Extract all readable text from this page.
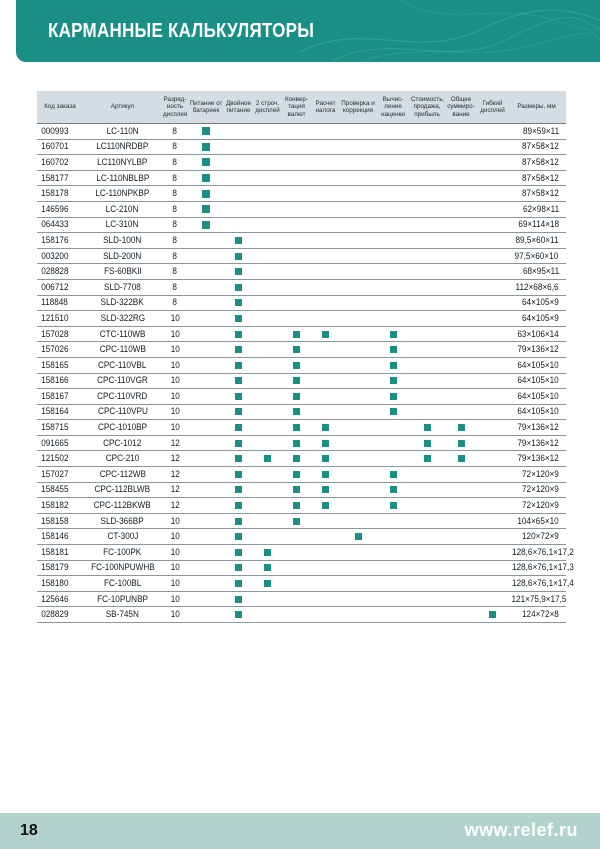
КАРМАННЫЕ КАЛЬКУЛЯТОРЫ
Код заказа	Артикул	Разряд-ность дисплея	Питание от батареек	Двойное питание	2 строч. дисплей	Конвер-тация валют	Расчет налога	Проверка и коррекция	Вычис-ление наценки	Стоимость, продажа, прибыль	Общее суммиро-вание	Гибкий дисплей	Размеры, мм
000993	LC-110N	8											89×59×11
160701	LC110NRDBP	8											87×58×12
160702	LC110NYLBP	8											87×58×12
158177	LC-110NBLBP	8											87×58×12
158178	LC-110NPKBP	8											87×58×12
146596	LC-210N	8											62×98×11
064433	LC-310N	8											69×114×18
158176	SLD-100N	8											89,5×60×11
003200	SLD-200N	8											97,5×60×10
028828	FS-60BKII	8											68×95×11
006712	SLD-7708	8											112×68×6,6
118848	SLD-322BK	8											64×105×9
121510	SLD-322RG	10											64×105×9
157028	CTC-110WB	10											63×106×14
157026	CPC-110WB	10											79×136×12
158165	CPC-110VBL	10											64×105×10
158166	CPC-110VGR	10											64×105×10
158167	CPC-110VRD	10											64×105×10
158164	CPC-110VPU	10											64×105×10
158715	CPC-1010BP	10											79×136×12
091665	CPC-1012	12											79×136×12
121502	CPC-210	12											79×136×12
157027	CPC-112WB	12											72×120×9
158455	CPC-112BLWB	12											72×120×9
158182	CPC-112BKWB	12											72×120×9
158158	SLD-366BP	10											104×65×10
158146	CT-300J	10											120×72×9
158181	FC-100PK	10											128,6×76,1×17,2
158179	FC-100NPUWHB	10											128,6×76,1×17,3
158180	FC-100BL	10											128,6×76,1×17,4
125646	FC-10PUNBP	10											121×75,9×17,5
028829	SB-745N	10											124×72×8
18	www.relef.ru
